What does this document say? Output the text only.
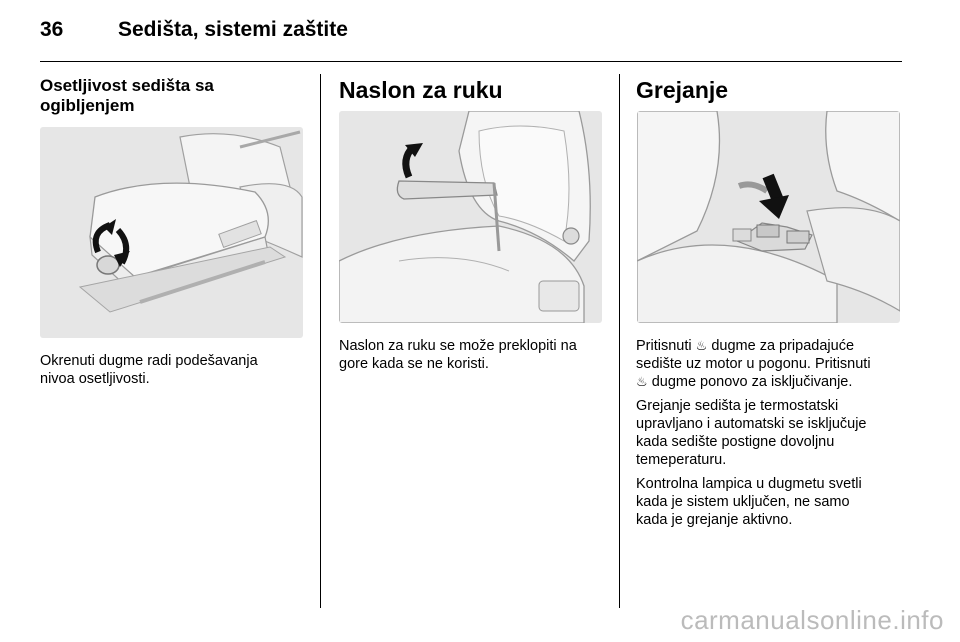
36	Sedišta, sistemi zaštite
Osetljivost sedišta sa
ogibljenjem

Okrenuti dugme radi podešavanja
nivoa osetljivosti.

Naslon za ruku

Naslon za ruku se može preklopiti na
gore kada se ne koristi.

Grejanje

Pritisnuti ♨ dugme za pripadajuće
sedište uz motor u pogonu. Pritisnuti
♨ dugme ponovo za isključivanje.

Grejanje sedišta je termostatski
upravljano i automatski se isključuje
kada sedište postigne dovoljnu
temeperaturu.

Kontrolna lampica u dugmetu svetli
kada je sistem uključen, ne samo
kada je grejanje aktivno.

carmanualsonline.info
